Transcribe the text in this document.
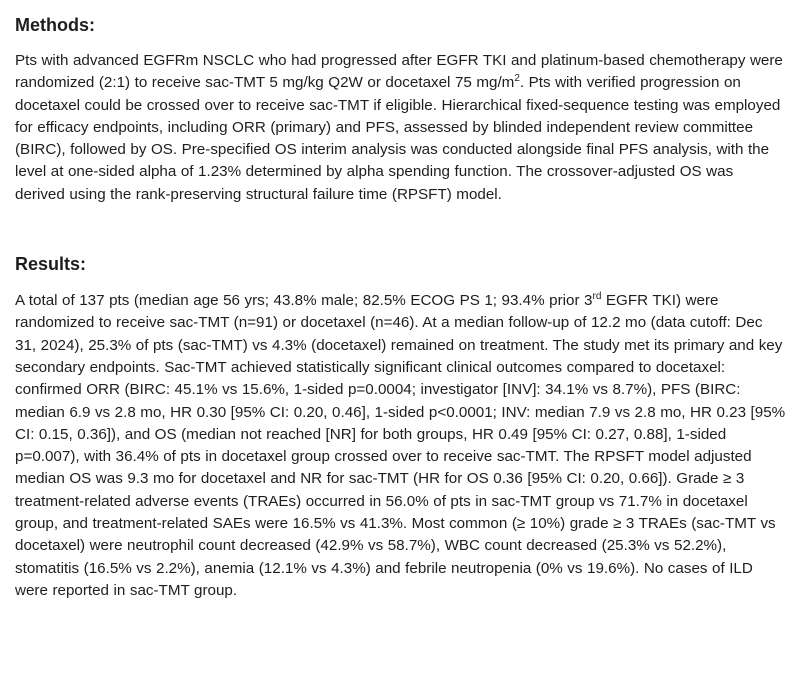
Methods:

Pts with advanced EGFRm NSCLC who had progressed after EGFR TKI and platinum-based chemotherapy were randomized (2:1) to receive sac-TMT 5 mg/kg Q2W or docetaxel 75 $mg/m^2$. Pts with verified progression on docetaxel could be crossed over to receive sac-TMT if eligible. Hierarchical fixed-sequence testing was employed for efficacy endpoints, including ORR (primary) and PFS, assessed by blinded independent review committee (BIRC), followed by OS. Pre-specified OS interim analysis was conducted alongside final PFS analysis, with the level at one-sided alpha of 1.23% determined by alpha spending function. The crossover-adjusted OS was derived using the rank-preserving structural failure time (RPSFT) model.

Results:

A total of 137 pts (median age 56 yrs; 43.8% male; 82.5% ECOG PS 1; 93.4% prior 3rd EGFR TKI) were randomized to receive sac-TMT (n=91) or docetaxel (n=46). At a median follow-up of 12.2 mo (data cutoff: Dec 31, 2024), 25.3% of pts (sac-TMT) vs 4.3% (docetaxel) remained on treatment. The study met its primary and key secondary endpoints. Sac-TMT achieved statistically significant clinical outcomes compared to docetaxel: confirmed ORR (BIRC: 45.1% vs 15.6%, 1-sided p=0.0004; investigator [INV]: 34.1% vs 8.7%), PFS (BIRC: median 6.9 vs 2.8 mo, HR 0.30 [95% CI: 0.20, 0.46], 1-sided p<0.0001; INV: median 7.9 vs 2.8 mo, HR 0.23 [95% CI: 0.15, 0.36]), and OS (median not reached [NR] for both groups, HR 0.49 [95% CI: 0.27, 0.88], 1-sided p=0.007), with 36.4% of pts in docetaxel group crossed over to receive sac-TMT. The RPSFT model adjusted median OS was 9.3 mo for docetaxel and NR for sac-TMT (HR for OS 0.36 [95% CI: 0.20, 0.66]). Grade ≥ 3 treatment-related adverse events (TRAEs) occurred in 56.0% of pts in sac-TMT group vs 71.7% in docetaxel group, and treatment-related SAEs were 16.5% vs 41.3%. Most common (≥ 10%) grade ≥ 3 TRAEs (sac-TMT vs docetaxel) were neutrophil count decreased (42.9% vs 58.7%), WBC count decreased (25.3% vs 52.2%), stomatitis (16.5% vs 2.2%), anemia (12.1% vs 4.3%) and febrile neutropenia (0% vs 19.6%). No cases of ILD were reported in sac-TMT group.
